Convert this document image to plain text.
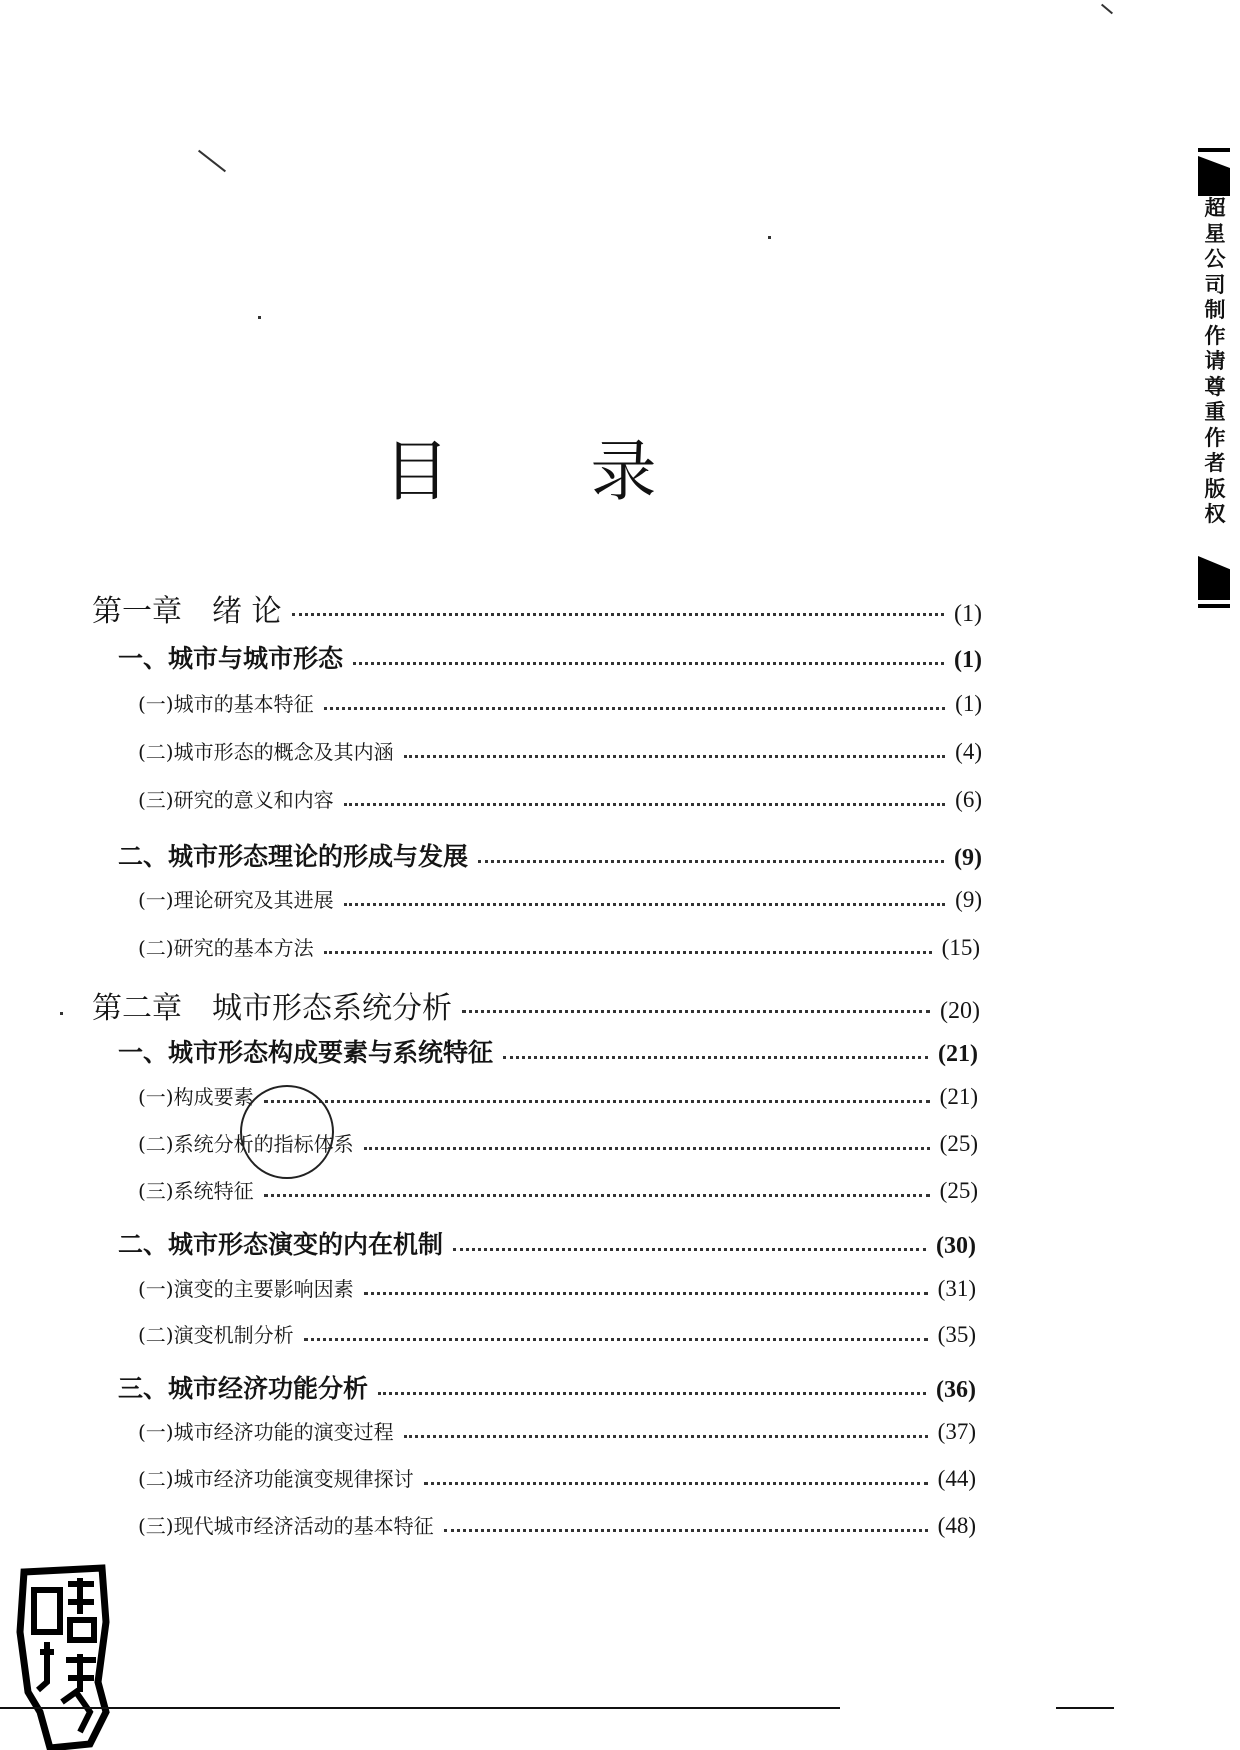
目 录
第一章　绪 论	(1)
一、城市与城市形态	(1)
(一)城市的基本特征	(1)
(二)城市形态的概念及其内涵	(4)
(三)研究的意义和内容	(6)
二、城市形态理论的形成与发展	(9)
(一)理论研究及其进展	(9)
(二)研究的基本方法	(15)
第二章　城市形态系统分析	(20)
一、城市形态构成要素与系统特征	(21)
(一)构成要素	(21)
(二)系统分析的指标体系	(25)
(三)系统特征	(25)
二、城市形态演变的内在机制	(30)
(一)演变的主要影响因素	(31)
(二)演变机制分析	(35)
三、城市经济功能分析	(36)
(一)城市经济功能的演变过程	(37)
(二)城市经济功能演变规律探讨	(44)
(三)现代城市经济活动的基本特征	(48)
超星公司制作请尊重作者版权
